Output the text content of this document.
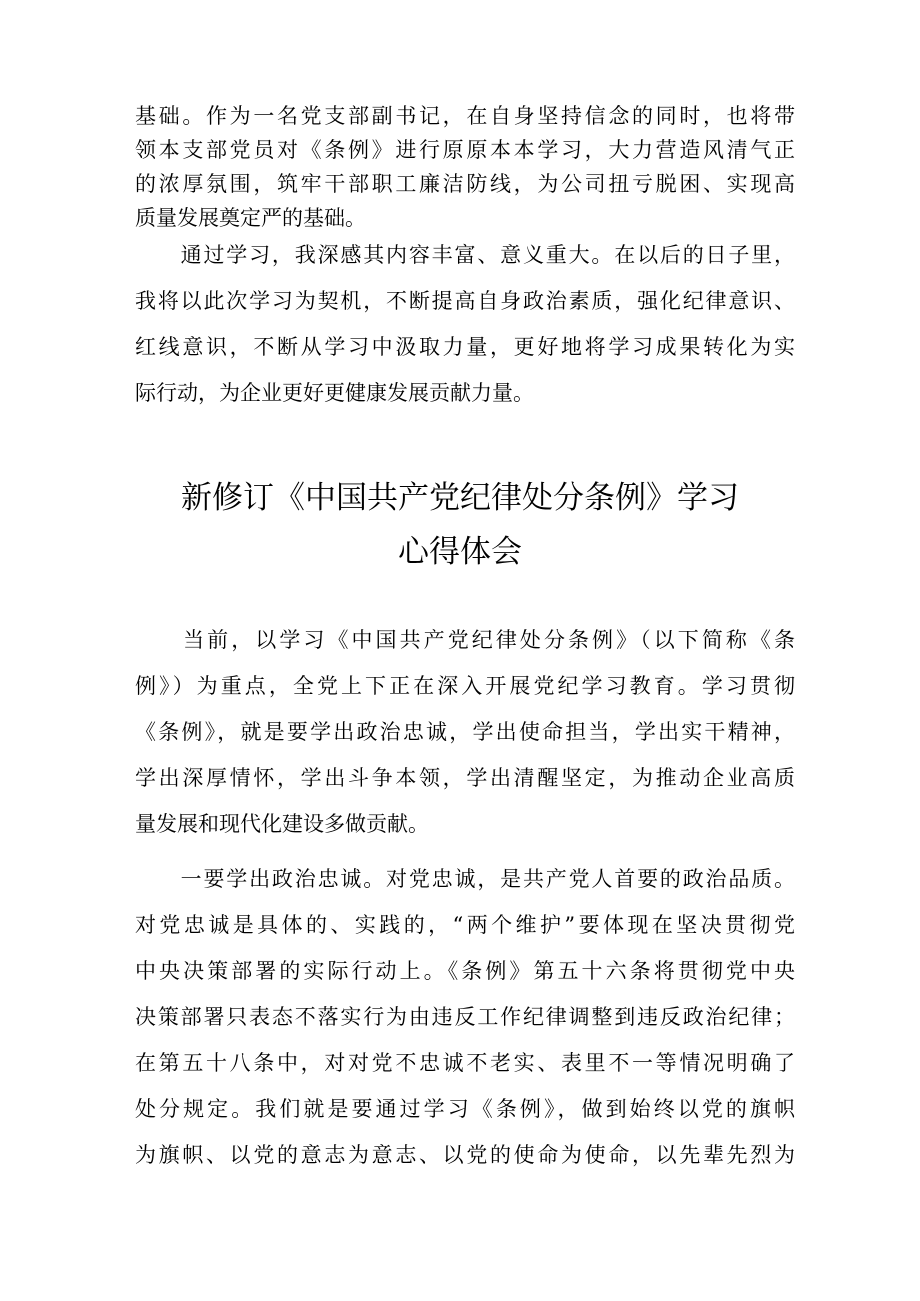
基础。作为一名党支部副书记，在自身坚持信念的同时，也将带

领本支部党员对《条例》进行原原本本学习，大力营造风清气正

的浓厚氛围，筑牢干部职工廉洁防线，为公司扭亏脱困、实现高

质量发展奠定严的基础。

　　通过学习，我深感其内容丰富、意义重大。在以后的日子里，

我将以此次学习为契机，不断提高自身政治素质，强化纪律意识、

红线意识，不断从学习中汲取力量，更好地将学习成果转化为实

际行动，为企业更好更健康发展贡献力量。

新修订《中国共产党纪律处分条例》学习

心得体会

　　当前，以学习《中国共产党纪律处分条例》（以下简称《条

例》）为重点，全党上下正在深入开展党纪学习教育。学习贯彻

《条例》，就是要学出政治忠诚，学出使命担当，学出实干精神，

学出深厚情怀，学出斗争本领，学出清醒坚定，为推动企业高质

量发展和现代化建设多做贡献。

　　一要学出政治忠诚。对党忠诚，是共产党人首要的政治品质。

对党忠诚是具体的、实践的，“两个维护”要体现在坚决贯彻党

中央决策部署的实际行动上。《条例》第五十六条将贯彻党中央

决策部署只表态不落实行为由违反工作纪律调整到违反政治纪律；

在第五十八条中，对对党不忠诚不老实、表里不一等情况明确了

处分规定。我们就是要通过学习《条例》，做到始终以党的旗帜

为旗帜、以党的意志为意志、以党的使命为使命，以先辈先烈为
